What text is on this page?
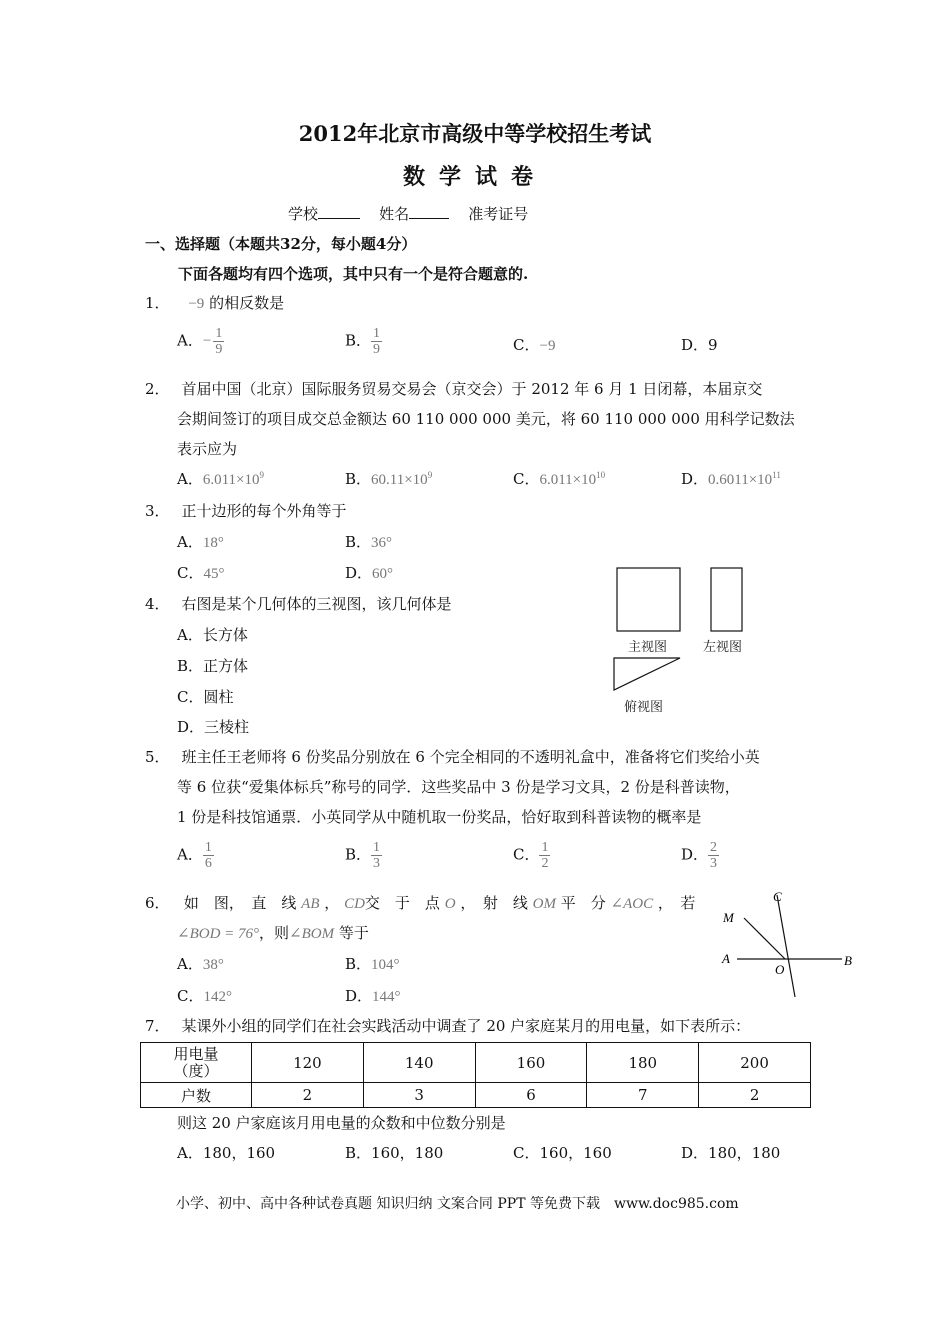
2012年北京市高级中等学校招生考试
数学试卷
学校	姓名	准考证号
一、选择题（本题共32分，每小题4分）
下面各题均有四个选项，其中只有一个是符合题意的.
1． −9 的相反数是
A．− $\frac{1}{9}$	B． $\frac{1}{9}$	C．−9	D．9
2． 首届中国（北京）国际服务贸易交易会（京交会）于 2012 年 6 月 1 日闭幕，本届京交
会期间签订的项目成交总金额达 60 110 000 000 美元，将 60 110 000 000 用科学记数法
表示应为
A．$6.011\times 10^9$	B．$60.11\times 10^9$	C．$6.011\times 10^{10}$	D．$0.6011\times 10^{11}$
3． 正十边形的每个外角等于
A．18°	B．36°
C．45°	D．60°
4． 右图是某个几何体的三视图，该几何体是
A．长方体
B．正方体
C．圆柱
D．三棱柱
主视图	左视图
俯视图
5． 班主任王老师将 6 份奖品分别放在 6 个完全相同的不透明礼盒中，准备将它们奖给小英
等 6 位获“爱集体标兵”称号的同学．这些奖品中 3 份是学习文具，2 份是科普读物，
1 份是科技馆通票．小英同学从中随机取一份奖品，恰好取到科普读物的概率是
A． $\frac{1}{6}$	B． $\frac{1}{3}$	C． $\frac{1}{2}$	D． $\frac{2}{3}$
6． 如　图，　直　线 AB ， CD交　于　点 O ，　射　线 OM 平　分 ∠AOC ，　若
∠BOD = 76°，则∠BOM 等于
A．38°	B．104°
C．142°	D．144°
C
M
A
O
B
7． 某课外小组的同学们在社会实践活动中调查了 20 户家庭某月的用电量，如下表所示：
用电量
（度）	120	140	160	180	200
户数	2	3	6	7	2
则这 20 户家庭该月用电量的众数和中位数分别是
A．180，160	B．160，180	C．160，160	D．180，180
小学、初中、高中各种试卷真题 知识归纳 文案合同 PPT 等免费下载　www.doc985.com
